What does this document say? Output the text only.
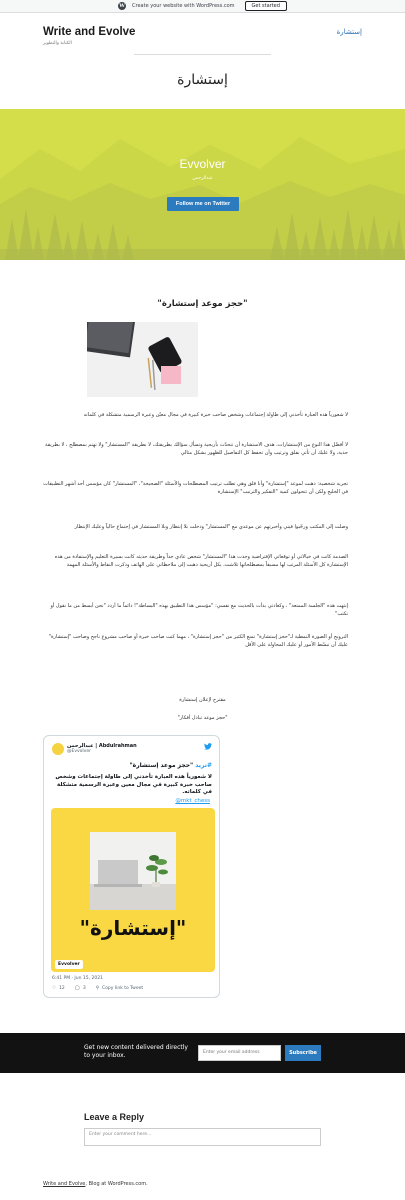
W Create your website with WordPress.com	Get started
Write and Evolve
الكتابة والتطوير
إستشارة
إستشارة
Evvolver
عبدالرحمن
Follow me on Twitter
"حجز موعد إستشارة"
لا شعورياً هذه العبارة تأخذني إلى طاولة إجتماعات وشخص صاحب خبرة كبيرة في مجال معيّن وعبرة الرسمية متشكلة في كلماته
لا أفضّل هذا النوع من الإستشارات، هدف الاستشارة أن تتحدّث بأريحية وتسأل سؤالك بطريقتك، لا بطريقة "المستشار" ولا تهتم بمصطلح ، لا بطريقة جدية، ولا عليك أن تأتي بقلق وترتيب وأن تحفظ كل التفاصيل للظهور بشكل مثالي
تجربة شخصية: ذهبت لموعد "إستشارة" وأنا قلق وهي تطلب ترتيب المصطلحات والأسئلة "الصحيحة"، "المستشار" كان مؤسس أحد أشهر التطبيقات في الخليج ولكن أن تتحولون كمية "التفكير والترتيب" الإستشارة
وصلت إلى المكتب ورحّبوا فيني وأخبرتهم عن موعدي مع "المستشار" ودخلت بلا إنتظار وبلا المستشار في إجتماع حالياً وعليك الإنتظار
الصدمة كانت في خيالاتي أو توقعاتي الإفتراضية وجدت هذا "المستشار" شخص عادي جداً وطريقة حديثه كانت بسيرة التعليم والإستفادة من هذه الإستشارة كل الأسئلة المرتب لها مسبقاً بمصطلحاتها تلاشت، بكل أريحية ذهبت إلى ملاحظاتي على الهاتف وذكرت النقاط والأسئلة المهمة
إنتهت هذه "الجلسة الممتعة" ، وكعادتي بدأت بالحديث مع نفسي: "مؤسس هذا التطبيق بهذه "البساطة"! دائماً ما أردد "نحن أبسط من ما نقول أو نكتب"
الترويج أو الصورة النمطية لـ"حجز إستشارة" تمنع الكثير من "حجز إستشارة" ، مهما كنت صاحب خبرة أو صاحب مشروع ناجح وصاحب "إستشارة" عليك أن تبسّط الأمور أو عليك المحاولة على الأقل
مقترح لإعلان إستشارة
"حجز موعد تبادل أفكار"
عبدالرحمن | Abdulrahman
@Evvolver
#تريد "حجز موعد إستشارة"
لا شعورياً هذه العبارة تأخذني إلى طاولة إجتماعات وشخص صاحب خبرة كبيرة في مجال معين وعبرة الرسمية متشكلة في كلماته.
@mkt_chess
"إستشارة"
Evvolver
6:41 PM · Jun 15, 2021
♡ 12 ◯ 3 ⚲ Copy link to Tweet
Get new content delivered directly to your inbox.	Enter your email address	Subscribe
Leave a Reply
Enter your comment here...
Write and Evolve, Blog at WordPress.com.
